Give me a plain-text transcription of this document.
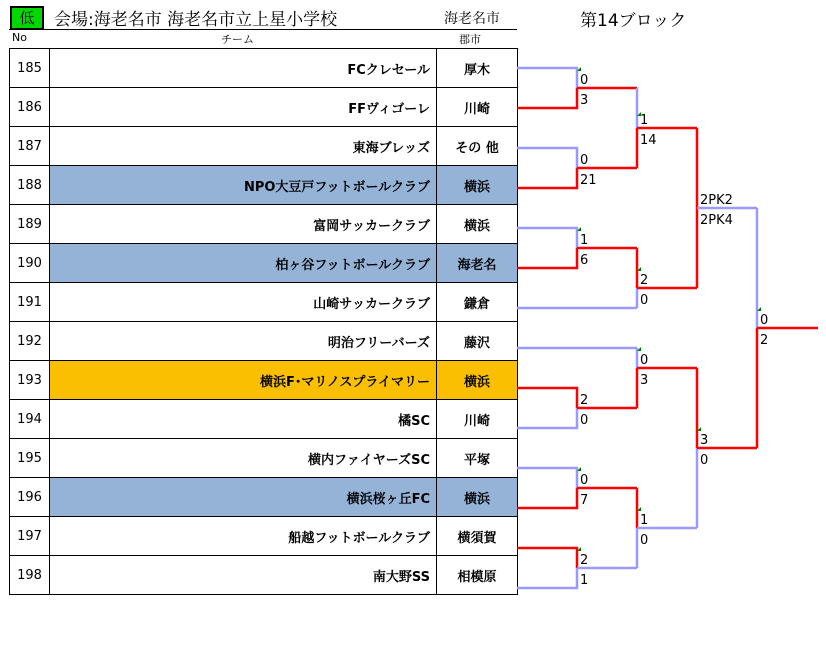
低	会場:海老名市 海老名市立上星小学校	海老名市	第14ブロック
No	チーム	郡市
185	FCクレセール	厚木
186	FFヴィゴーレ	川崎
187	東海ブレッズ	その 他
188	NPO大豆戸フットボールクラブ	横浜
189	富岡サッカークラブ	横浜
190	柏ヶ谷フットボールクラブ	海老名
191	山崎サッカークラブ	鎌倉
192	明治フリーバーズ	藤沢
193	横浜F･マリノスプライマリー	横浜
194	橘SC	川崎
195	横内ファイヤーズSC	平塚
196	横浜桜ヶ丘FC	横浜
197	船越フットボールクラブ	横須賀
198	南大野SS	相模原
0
3
0
21
1
6
2
0
0
7
2
1
1
14
2
0
0
3
1
0
2PK2
2PK4
3
0
0
2
